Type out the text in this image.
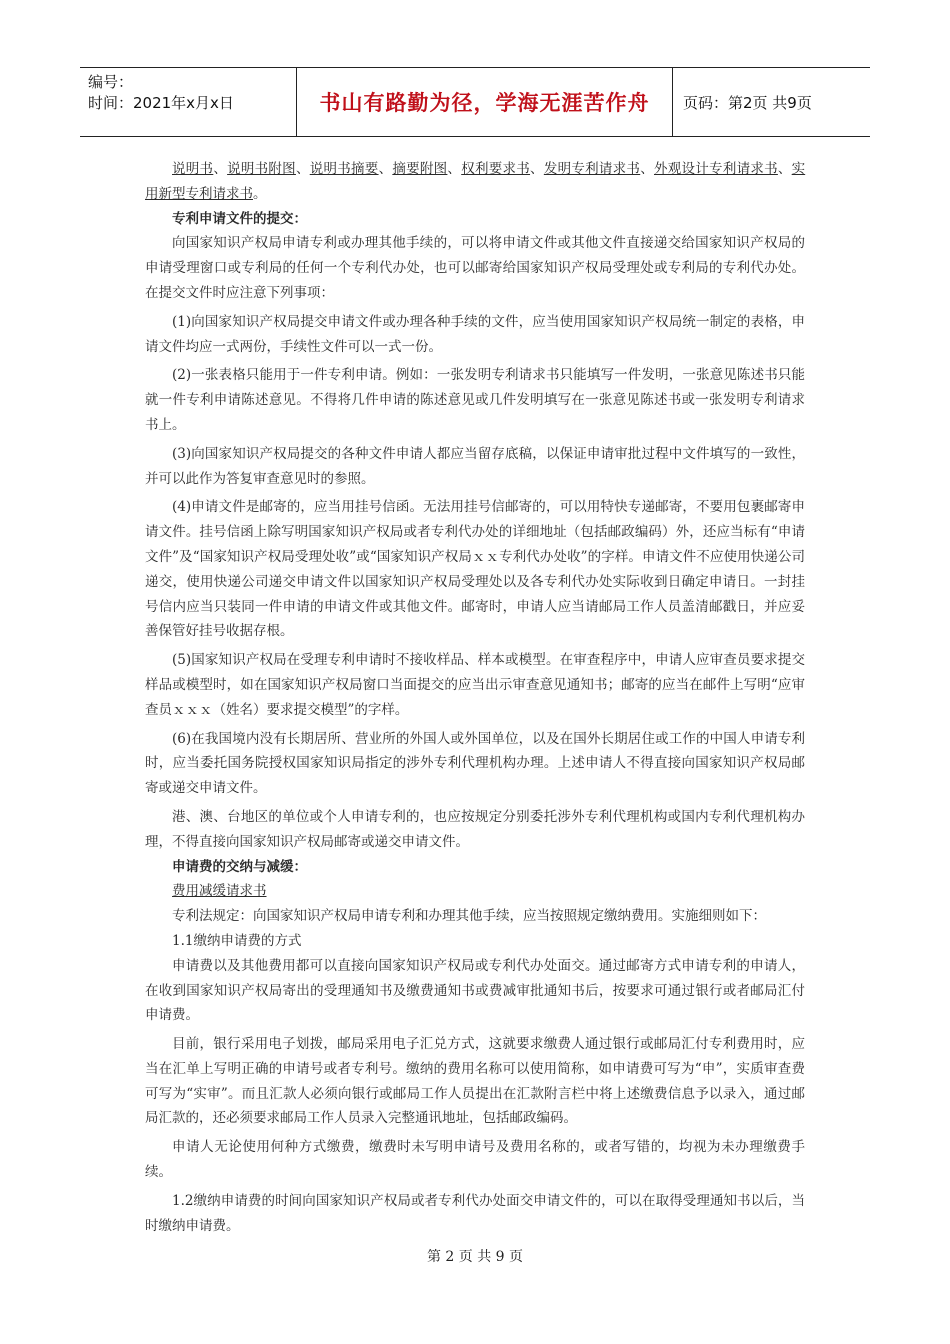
编号：
时间：2021年x月x日	书山有路勤为径，学海无涯苦作舟 页码：第2页 共9页

说明书、说明书附图、说明书摘要、摘要附图、权利要求书、发明专利请求书、外观设计专利请求书、实用新型专利请求书。

专利申请文件的提交：

向国家知识产权局申请专利或办理其他手续的，可以将申请文件或其他文件直接递交给国家知识产权局的申请受理窗口或专利局的任何一个专利代办处，也可以邮寄给国家知识产权局受理处或专利局的专利代办处。在提交文件时应注意下列事项：

(1)向国家知识产权局提交申请文件或办理各种手续的文件，应当使用国家知识产权局统一制定的表格，申请文件均应一式两份，手续性文件可以一式一份。

(2)一张表格只能用于一件专利申请。例如：一张发明专利请求书只能填写一件发明，一张意见陈述书只能就一件专利申请陈述意见。不得将几件申请的陈述意见或几件发明填写在一张意见陈述书或一张发明专利请求书上。

(3)向国家知识产权局提交的各种文件申请人都应当留存底稿，以保证申请审批过程中文件填写的一致性，并可以此作为答复审查意见时的参照。

(4)申请文件是邮寄的，应当用挂号信函。无法用挂号信邮寄的，可以用特快专递邮寄，不要用包裹邮寄申请文件。挂号信函上除写明国家知识产权局或者专利代办处的详细地址（包括邮政编码）外，还应当标有“申请文件”及“国家知识产权局受理处收”或“国家知识产权局ｘｘ专利代办处收”的字样。申请文件不应使用快递公司递交，使用快递公司递交申请文件以国家知识产权局受理处以及各专利代办处实际收到日确定申请日。一封挂号信内应当只装同一件申请的申请文件或其他文件。邮寄时，申请人应当请邮局工作人员盖清邮戳日，并应妥善保管好挂号收据存根。

(5)国家知识产权局在受理专利申请时不接收样品、样本或模型。在审查程序中，申请人应审查员要求提交样品或模型时，如在国家知识产权局窗口当面提交的应当出示审查意见通知书；邮寄的应当在邮件上写明“应审查员ｘｘｘ（姓名）要求提交模型”的字样。

(6)在我国境内没有长期居所、营业所的外国人或外国单位，以及在国外长期居住或工作的中国人申请专利时，应当委托国务院授权国家知识局指定的涉外专利代理机构办理。上述申请人不得直接向国家知识产权局邮寄或递交申请文件。

港、澳、台地区的单位或个人申请专利的，也应按规定分别委托涉外专利代理机构或国内专利代理机构办理，不得直接向国家知识产权局邮寄或递交申请文件。

申请费的交纳与减缓：

费用减缓请求书

专利法规定：向国家知识产权局申请专利和办理其他手续，应当按照规定缴纳费用。实施细则如下：

1.1缴纳申请费的方式

申请费以及其他费用都可以直接向国家知识产权局或专利代办处面交。通过邮寄方式申请专利的申请人，在收到国家知识产权局寄出的受理通知书及缴费通知书或费减审批通知书后，按要求可通过银行或者邮局汇付申请费。

目前，银行采用电子划拨，邮局采用电子汇兑方式，这就要求缴费人通过银行或邮局汇付专利费用时，应当在汇单上写明正确的申请号或者专利号。缴纳的费用名称可以使用简称，如申请费可写为“申”，实质审查费可写为“实审”。而且汇款人必须向银行或邮局工作人员提出在汇款附言栏中将上述缴费信息予以录入，通过邮局汇款的，还必须要求邮局工作人员录入完整通讯地址，包括邮政编码。

申请人无论使用何种方式缴费，缴费时未写明申请号及费用名称的，或者写错的，均视为未办理缴费手续。

1.2缴纳申请费的时间向国家知识产权局或者专利代办处面交申请文件的，可以在取得受理通知书以后，当时缴纳申请费。

第 2 页 共 9 页
